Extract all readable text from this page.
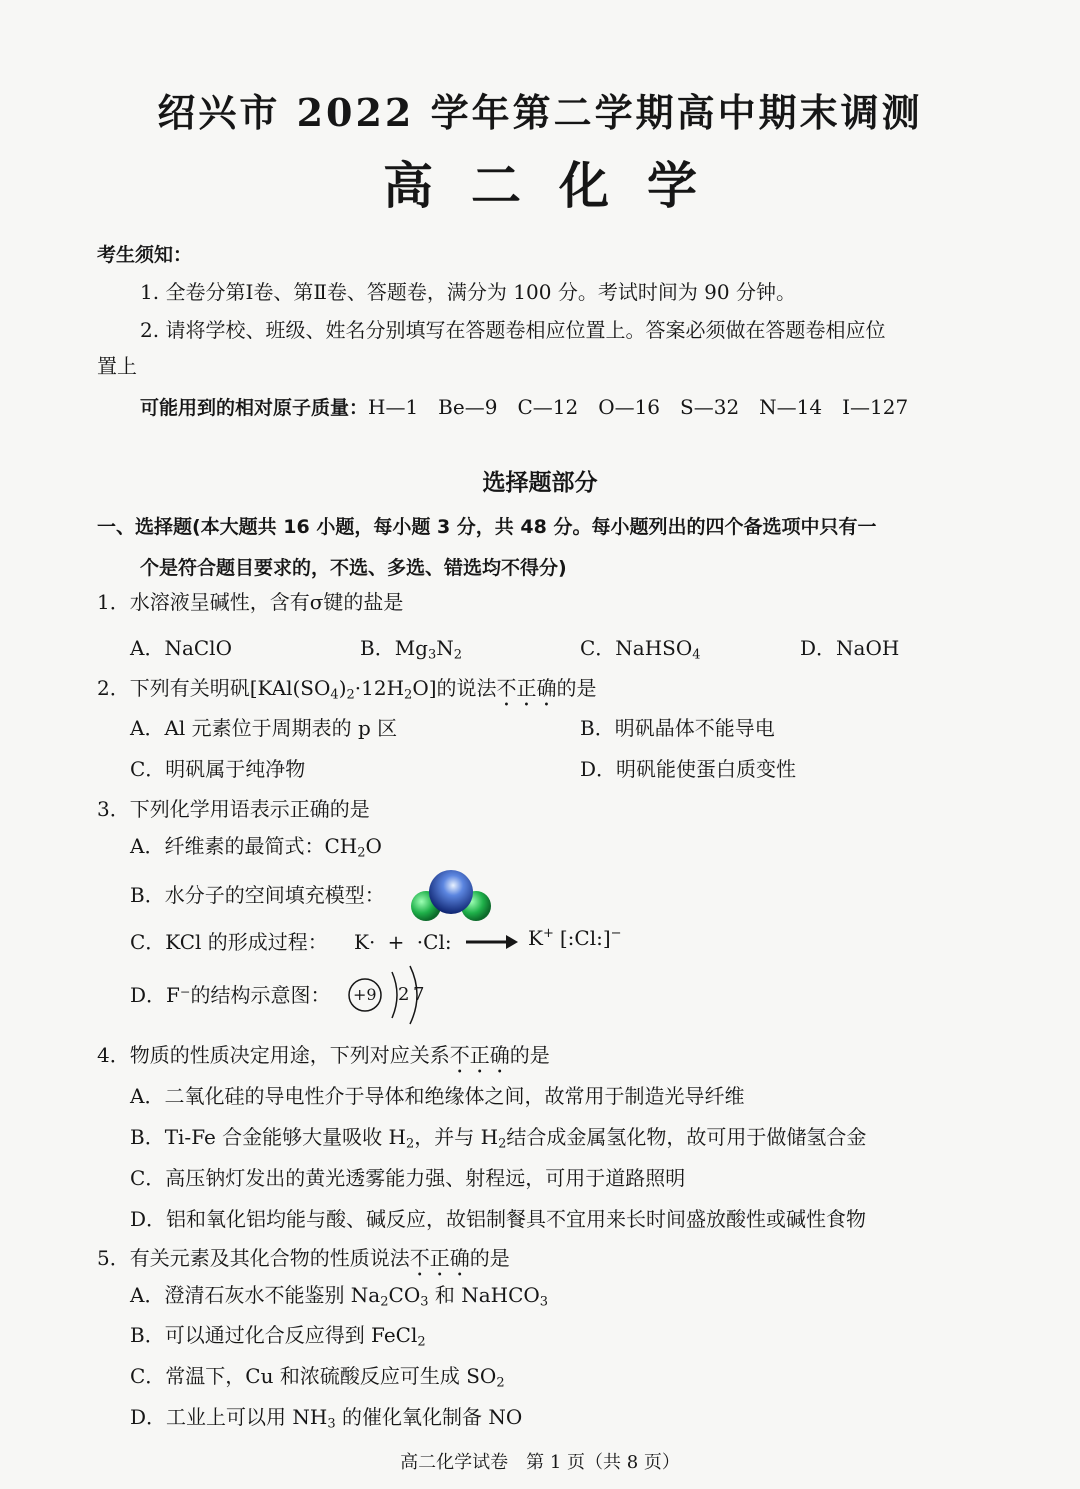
绍兴市 2022 学年第二学期高中期末调测
高二化学
考生须知：
1. 全卷分第Ⅰ卷、第Ⅱ卷、答题卷，满分为 100 分。考试时间为 90 分钟。
2. 请将学校、班级、姓名分别填写在答题卷相应位置上。答案必须做在答题卷相应位
置上
可能用到的相对原子质量：H—1　Be—9　C—12　O—16　S—32　N—14　I—127
选择题部分
一、选择题(本大题共 16 小题，每小题 3 分，共 48 分。每小题列出的四个备选项中只有一
个是符合题目要求的，不选、多选、错选均不得分)
1．水溶液呈碱性，含有σ键的盐是
A．NaClO	B．$Mg_3N_2$	C．NaHSO$_4$	D．NaOH
2．下列有关明矾$[KAl(SO_4)_2\cdot 12H_2O]$的说法不正确的是
A．Al 元素位于周期表的 p 区	B．明矾晶体不能导电
C．明矾属于纯净物	D．明矾能使蛋白质变性
3．下列化学用语表示正确的是
A．纤维素的最简式：$CH_2O$
B．水分子的空间填充模型：
C．KCl 的形成过程： K· + ·Cl: → K+ [:Cl:]−
D．F⁻的结构示意图： +9 2 7
4．物质的性质决定用途，下列对应关系不正确的是
A．二氧化硅的导电性介于导体和绝缘体之间，故常用于制造光导纤维
B．Ti-Fe 合金能够大量吸收 $H_2$，并与 $H_2$结合成金属氢化物，故可用于做储氢合金
C．高压钠灯发出的黄光透雾能力强、射程远，可用于道路照明
D．铝和氧化铝均能与酸、碱反应，故铝制餐具不宜用来长时间盛放酸性或碱性食物
5．有关元素及其化合物的性质说法不正确的是
A．澄清石灰水不能鉴别 $Na_2CO_3$ 和 NaHCO$_3$
B．可以通过化合反应得到 FeCl$_2$
C．常温下，Cu 和浓硫酸反应可生成 $SO_2$
D．工业上可以用 $NH_3$ 的催化氧化制备 NO
高二化学试卷　第 1 页（共 8 页）
